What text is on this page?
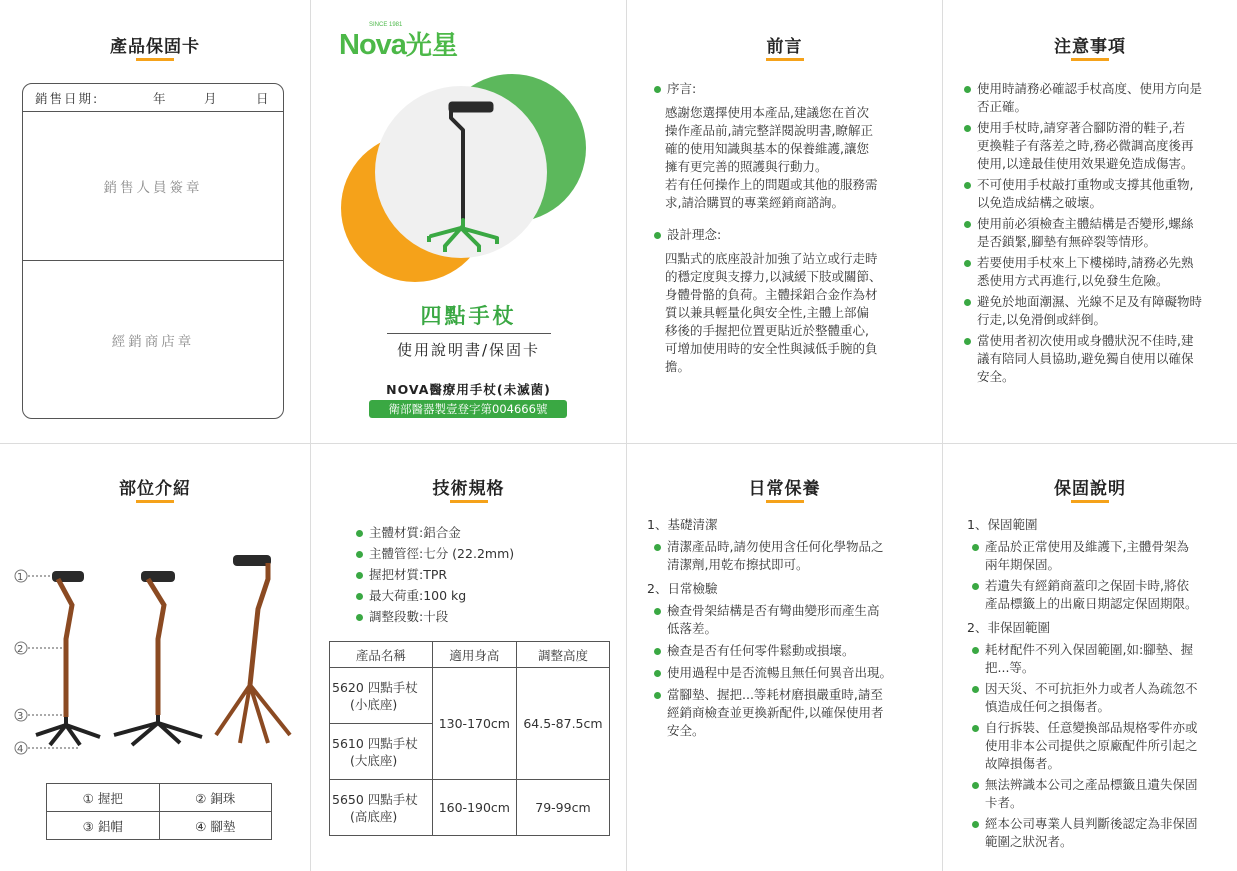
產品保固卡
銷售日期:	年	月	日
銷售人員簽章
經銷商店章
Nova光星
SINCE 1981
四點手杖
使用說明書/保固卡
NOVA醫療用手杖(未滅菌)
衛部醫器製壹登字第004666號
前言
序言:
感謝您選擇使用本產品,建議您在首次
操作產品前,請完整詳閱說明書,瞭解正
確的使用知識與基本的保養維護,讓您
擁有更完善的照護與行動力。
若有任何操作上的問題或其他的服務需
求,請洽購買的專業經銷商諮詢。
設計理念:
四點式的底座設計加強了站立或行走時
的穩定度與支撐力,以減緩下肢或關節、
身體骨骼的負荷。主體採鋁合金作為材
質以兼具輕量化與安全性,主體上部偏
移後的手握把位置更貼近於整體重心,
可增加使用時的安全性與減低手腕的負
擔。
注意事項
使用時請務必確認手杖高度、使用方向是
否正確。
使用手杖時,請穿著合腳防滑的鞋子,若
更換鞋子有落差之時,務必微調高度後再
使用,以達最佳使用效果避免造成傷害。
不可使用手杖敲打重物或支撐其他重物,
以免造成結構之破壞。
使用前必須檢查主體結構是否變形,螺絲
是否鎖緊,腳墊有無碎裂等情形。
若要使用手杖來上下樓梯時,請務必先熟
悉使用方式再進行,以免發生危險。
避免於地面潮濕、光線不足及有障礙物時
行走,以免滑倒或絆倒。
當使用者初次使用或身體狀況不佳時,建
議有陪同人員協助,避免獨自使用以確保
安全。
部位介紹
1
2
3
4
① 握把	② 銅珠
③ 鋁帽	④ 腳墊
技術規格
主體材質:鋁合金
主體管徑:七分 (22.2mm)
握把材質:TPR
最大荷重:100 kg
調整段數:十段
產品名稱	適用身高	調整高度

5620 四點手杖
(小底座)	130-170cm	64.5-87.5cm

5610 四點手杖
(大底座)		

5650 四點手杖
(高底座)	160-190cm	79-99cm
日常保養
1、基礎清潔
清潔產品時,請勿使用含任何化學物品之
清潔劑,用乾布擦拭即可。
2、日常檢驗
檢查骨架結構是否有彎曲變形而產生高
低落差。
檢查是否有任何零件鬆動或損壞。
使用過程中是否流暢且無任何異音出現。
當腳墊、握把...等耗材磨損嚴重時,請至
經銷商檢查並更換新配件,以確保使用者
安全。
保固說明
1、保固範圍
產品於正常使用及維護下,主體骨架為
兩年期保固。
若遺失有經銷商蓋印之保固卡時,將依
產品標籤上的出廠日期認定保固期限。
2、非保固範圍
耗材配件不列入保固範圍,如:腳墊、握
把...等。
因天災、不可抗拒外力或者人為疏忽不
慎造成任何之損傷者。
自行拆裝、任意變換部品規格零件亦或
使用非本公司提供之原廠配件所引起之
故障損傷者。
無法辨識本公司之產品標籤且遺失保固
卡者。
經本公司專業人員判斷後認定為非保固
範圍之狀況者。
